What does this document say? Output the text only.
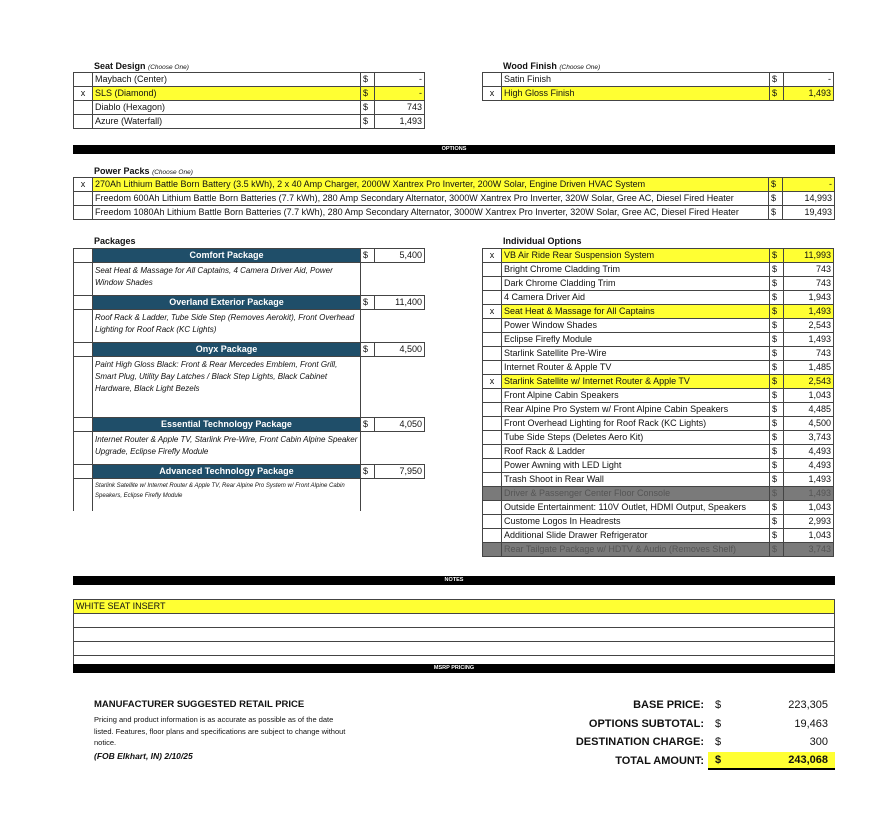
Seat Design (Choose One)
	Maybach (Center)	$	-
x	SLS (Diamond)	$	-
	Diablo (Hexagon)	$	743
	Azure (Waterfall)	$	1,493
Wood Finish (Choose One)
	Satin Finish	$	-
x	High Gloss Finish	$	1,493
OPTIONS
Power Packs (Choose One)
x	270Ah Lithium Battle Born Battery (3.5 kWh), 2 x 40 Amp Charger, 2000W Xantrex Pro Inverter, 200W Solar, Engine Driven HVAC System	$	-
	Freedom 600Ah Lithium Battle Born Batteries (7.7 kWh), 280 Amp Secondary Alternator, 3000W Xantrex Pro Inverter, 320W Solar, Gree AC, Diesel Fired Heater	$	14,993
	Freedom 1080Ah Lithium Battle Born Batteries (7.7 kWh), 280 Amp Secondary Alternator, 3000W Xantrex Pro Inverter, 320W Solar, Gree AC, Diesel Fired Heater	$	19,493
Packages
	Comfort Package	$	5,400
	Seat Heat & Massage for All Captains, 4 Camera Driver Aid, Power Window Shades		
	Overland Exterior Package	$	11,400
	Roof Rack & Ladder, Tube Side Step (Removes Aerokit), Front Overhead Lighting for Roof Rack (KC Lights)		
	Onyx Package	$	4,500
	Paint High Gloss Black: Front & Rear Mercedes Emblem, Front Grill, Smart Plug, Utility Bay Latches / Black Step Lights, Black Cabinet Hardware, Black Light Bezels		
	Essential Technology Package	$	4,050
	Internet Router & Apple TV, Starlink Pre-Wire, Front Cabin Alpine Speaker Upgrade, Eclipse Firefly Module		
	Advanced Technology Package	$	7,950
	Starlink Satellite w/ Internet Router & Apple TV, Rear Alpine Pro System w/ Front Alpine Cabin Speakers, Eclipse Firefly Module		
Individual Options
x	VB Air Ride Rear Suspension System	$	11,993
	Bright Chrome Cladding Trim	$	743
	Dark Chrome Cladding Trim	$	743
	4 Camera Driver Aid	$	1,943
x	Seat Heat & Massage for All Captains	$	1,493
	Power Window Shades	$	2,543
	Eclipse Firefly Module	$	1,493
	Starlink Satellite Pre-Wire	$	743
	Internet Router & Apple TV	$	1,485
x	Starlink Satellite w/ Internet Router & Apple TV	$	2,543
	Front Alpine Cabin Speakers	$	1,043
	Rear Alpine Pro System w/ Front Alpine Cabin Speakers	$	4,485
	Front Overhead Lighting for Roof Rack (KC Lights)	$	4,500
	Tube Side Steps (Deletes Aero Kit)	$	3,743
	Roof Rack & Ladder	$	4,493
	Power Awning with LED Light	$	4,493
	Trash Shoot in Rear Wall	$	1,493
	Driver & Passenger Center Floor Console	$	1,493
	Outside Entertainment: 110V Outlet, HDMI Output, Speakers	$	1,043
	Custome Logos In Headrests	$	2,993
	Additional Slide Drawer Refrigerator	$	1,043
	Rear Tailgate Package w/ HDTV & Audio (Removes Shelf)	$	3,743
NOTES
WHITE SEAT INSERT

MSRP PRICING
MANUFACTURER SUGGESTED RETAIL PRICE
Pricing and product information is as accurate as possible as of the date listed. Features, floor plans and specifications are subject to change without notice.
(FOB Elkhart, IN) 2/10/25
BASE PRICE: $	223,305
OPTIONS SUBTOTAL: $	19,463
DESTINATION CHARGE: $	300
TOTAL AMOUNT: $	243,068
